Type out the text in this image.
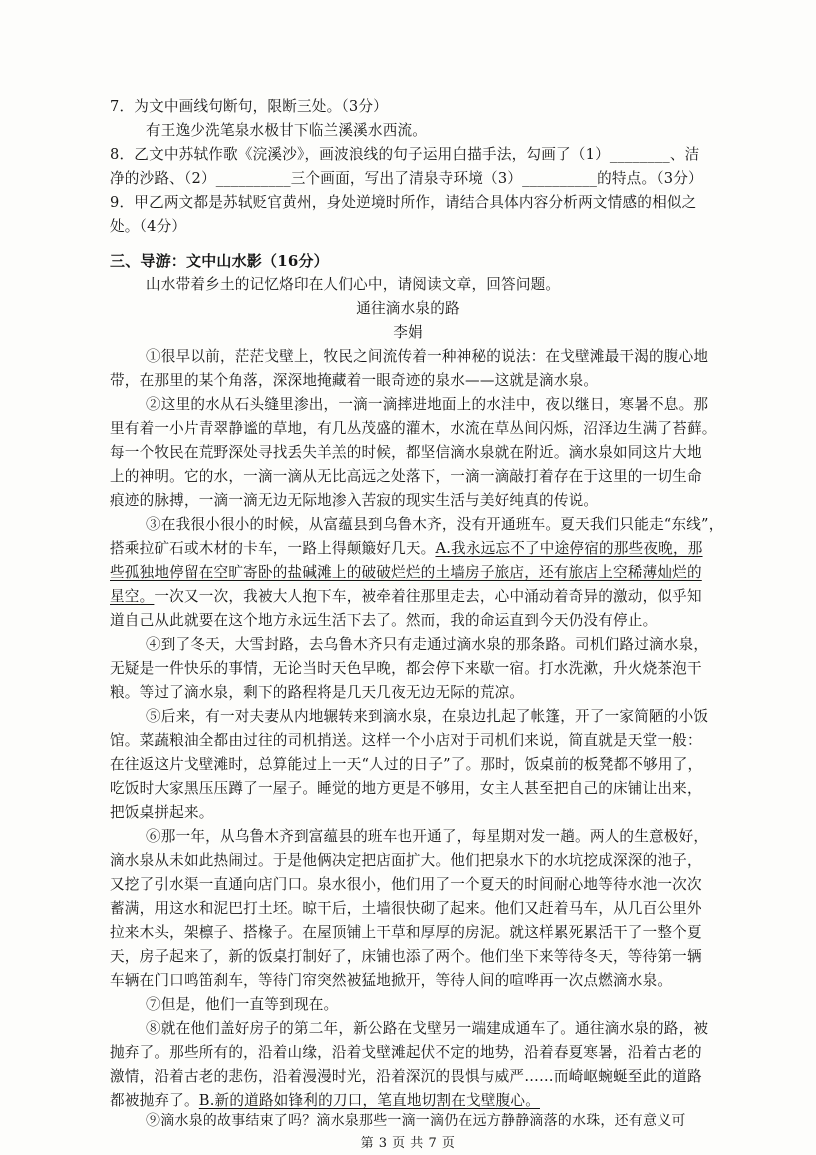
7．为文中画线句断句，限断三处。（3分）
有王逸少洗笔泉水极甘下临兰溪溪水西流。
8．乙文中苏轼作歌《浣溪沙》，画波浪线的句子运用白描手法，勾画了（1）________、洁
净的沙路、（2）__________三个画面，写出了清泉寺环境（3）__________的特点。（3分）
9．甲乙两文都是苏轼贬官黄州，身处逆境时所作，请结合具体内容分析两文情感的相似之
处。（4分）
三、导游：文中山水影（16分）
山水带着乡土的记忆烙印在人们心中，请阅读文章，回答问题。
通往滴水泉的路
李娟
①很早以前，茫茫戈壁上，牧民之间流传着一种神秘的说法：在戈壁滩最干渴的腹心地
带，在那里的某个角落，深深地掩藏着一眼奇迹的泉水——这就是滴水泉。
②这里的水从石头缝里渗出，一滴一滴摔进地面上的水洼中，夜以继日，寒暑不息。那
里有着一小片青翠静谧的草地，有几丛茂盛的灌木，水流在草丛间闪烁，沼泽边生满了苔藓。
每一个牧民在荒野深处寻找丢失羊羔的时候，都坚信滴水泉就在附近。滴水泉如同这片大地
上的神明。它的水，一滴一滴从无比高远之处落下，一滴一滴敲打着存在于这里的一切生命
痕迹的脉搏，一滴一滴无边无际地渗入苦寂的现实生活与美好纯真的传说。
③在我很小很小的时候，从富蕴县到乌鲁木齐，没有开通班车。夏天我们只能走“东线”，
搭乘拉矿石或木材的卡车，一路上得颠簸好几天。A.我永远忘不了中途停宿的那些夜晚，那
些孤独地停留在空旷寄卧的盐碱滩上的破破烂烂的土墙房子旅店，还有旅店上空稀薄灿烂的
星空。一次又一次，我被大人抱下车，被牵着往那里走去，心中涌动着奇异的激动，似乎知
道自己从此就要在这个地方永远生活下去了。然而，我的命运直到今天仍没有停止。
④到了冬天，大雪封路，去乌鲁木齐只有走通过滴水泉的那条路。司机们路过滴水泉，
无疑是一件快乐的事情，无论当时天色早晚，都会停下来歇一宿。打水洗漱，升火烧茶泡干
粮。等过了滴水泉，剩下的路程将是几天几夜无边无际的荒凉。
⑤后来，有一对夫妻从内地辗转来到滴水泉，在泉边扎起了帐篷，开了一家简陋的小饭
馆。菜蔬粮油全都由过往的司机捎送。这样一个小店对于司机们来说，简直就是天堂一般：
在往返这片戈壁滩时，总算能过上一天“人过的日子”了。那时，饭桌前的板凳都不够用了，
吃饭时大家黑压压蹲了一屋子。睡觉的地方更是不够用，女主人甚至把自己的床铺让出来，
把饭桌拼起来。
⑥那一年，从乌鲁木齐到富蕴县的班车也开通了，每星期对发一趟。两人的生意极好，
滴水泉从未如此热闹过。于是他俩决定把店面扩大。他们把泉水下的水坑挖成深深的池子，
又挖了引水渠一直通向店门口。泉水很小，他们用了一个夏天的时间耐心地等待水池一次次
蓄满，用这水和泥巴打土坯。晾干后，土墙很快砌了起来。他们又赶着马车，从几百公里外
拉来木头，架檩子、搭椽子。在屋顶铺上干草和厚厚的房泥。就这样累死累活干了一整个夏
天，房子起来了，新的饭桌打制好了，床铺也添了两个。他们坐下来等待冬天，等待第一辆
车辆在门口鸣笛刹车，等待门帘突然被猛地掀开，等待人间的喧哗再一次点燃滴水泉。
⑦但是，他们一直等到现在。
⑧就在他们盖好房子的第二年，新公路在戈壁另一端建成通车了。通往滴水泉的路，被
抛弃了。那些所有的，沿着山缘，沿着戈壁滩起伏不定的地势，沿着春夏寒暑，沿着古老的
激情，沿着古老的悲伤，沿着漫漫时光，沿着深沉的畏惧与威严……而崎岖蜿蜒至此的道路
都被抛弃了。B.新的道路如锋利的刀口，笔直地切割在戈壁腹心。
第 3 页 共 7 页
⑨滴水泉的故事结束了吗？滴水泉那些一滴一滴仍在远方静静滴落的水珠，还有意义可
